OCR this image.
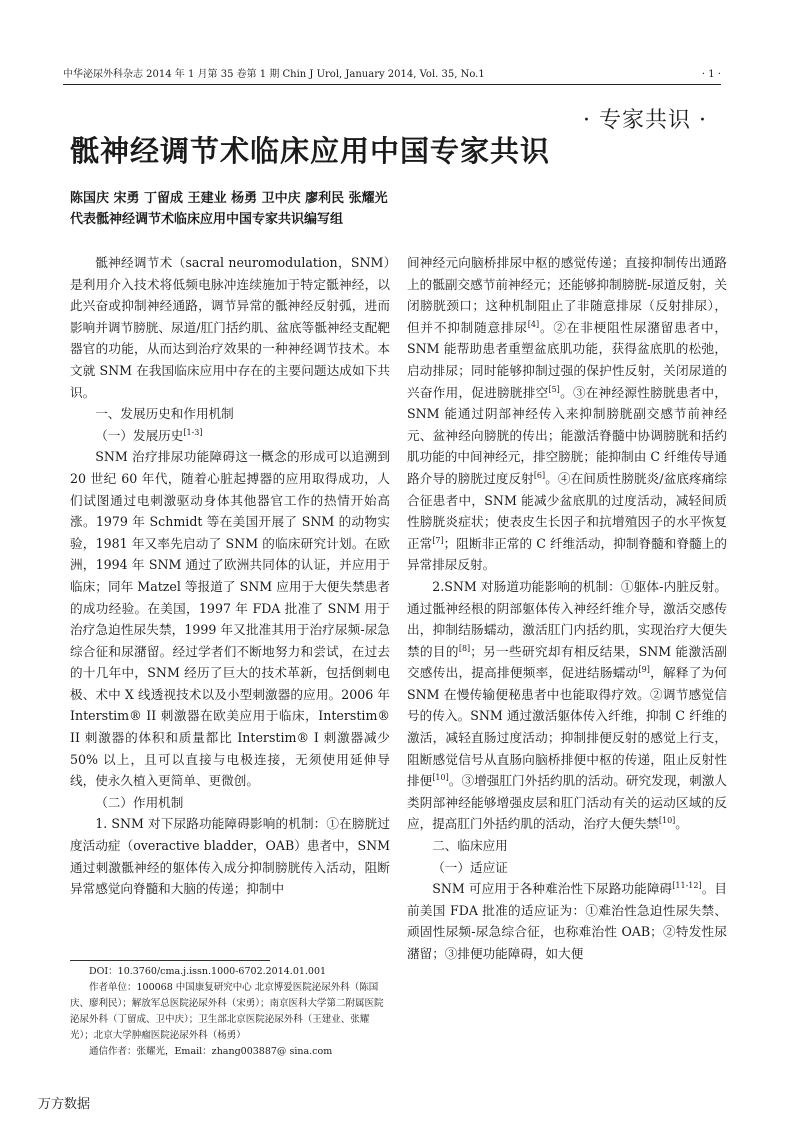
中华泌尿外科杂志 2014 年 1 月第 35 卷第 1 期 Chin J Urol, January 2014, Vol. 35, No.1	· 1 ·
· 专家共识 ·
骶神经调节术临床应用中国专家共识
陈国庆 宋勇 丁留成 王建业 杨勇 卫中庆 廖利民 张耀光
代表骶神经调节术临床应用中国专家共识编写组

骶神经调节术（sacral neuromodulation，SNM）是利用介入技术将低频电脉冲连续施加于特定骶神经，以此兴奋或抑制神经通路，调节异常的骶神经反射弧，进而影响并调节膀胱、尿道/肛门括约肌、盆底等骶神经支配靶器官的功能，从而达到治疗效果的一种神经调节技术。本文就 SNM 在我国临床应用中存在的主要问题达成如下共识。

一、发展历史和作用机制
（一）发展历史[1-3]

SNM 治疗排尿功能障碍这一概念的形成可以追溯到 20 世纪 60 年代，随着心脏起搏器的应用取得成功，人们试图通过电刺激驱动身体其他器官工作的热情开始高涨。1979 年 Schmidt 等在美国开展了 SNM 的动物实验，1981 年又率先启动了 SNM 的临床研究计划。在欧洲，1994 年 SNM 通过了欧洲共同体的认证，并应用于临床；同年 Matzel 等报道了 SNM 应用于大便失禁患者的成功经验。在美国，1997 年 FDA 批准了 SNM 用于治疗急迫性尿失禁，1999 年又批准其用于治疗尿频-尿急综合征和尿潴留。经过学者们不断地努力和尝试，在过去的十几年中，SNM 经历了巨大的技术革新，包括倒刺电极、术中 X 线透视技术以及小型刺激器的应用。2006 年 Interstim® II 刺激器在欧美应用于临床，Interstim® II 刺激器的体积和质量都比 Interstim® I 刺激器减少 50% 以上，且可以直接与电极连接，无须使用延伸导线，使永久植入更简单、更微创。

（二）作用机制

1. SNM 对下尿路功能障碍影响的机制：①在膀胱过度活动症（overactive bladder，OAB）患者中，SNM 通过刺激骶神经的躯体传入成分抑制膀胱传入活动，阻断异常感觉向脊髓和大脑的传递；抑制中

间神经元向脑桥排尿中枢的感觉传递；直接抑制传出通路上的骶副交感节前神经元；还能够抑制膀胱-尿道反射，关闭膀胱颈口；这种机制阻止了非随意排尿（反射排尿），但并不抑制随意排尿[4]。②在非梗阻性尿潴留患者中，SNM 能帮助患者重塑盆底肌功能，获得盆底肌的松弛，启动排尿；同时能够抑制过强的保护性反射，关闭尿道的兴奋作用，促进膀胱排空[5]。③在神经源性膀胱患者中，SNM 能通过阴部神经传入来抑制膀胱副交感节前神经元、盆神经向膀胱的传出；能激活脊髓中协调膀胱和括约肌功能的中间神经元，排空膀胱；能抑制由 C 纤维传导通路介导的膀胱过度反射[6]。④在间质性膀胱炎/盆底疼痛综合征患者中，SNM 能减少盆底肌的过度活动，减轻间质性膀胱炎症状；使表皮生长因子和抗增殖因子的水平恢复正常[7]；阻断非正常的 C 纤维活动，抑制脊髓和脊髓上的异常排尿反射。

2.SNM 对肠道功能影响的机制：①躯体-内脏反射。通过骶神经根的阴部躯体传入神经纤维介导，激活交感传出，抑制结肠蠕动，激活肛门内括约肌，实现治疗大便失禁的目的[8]；另一些研究却有相反结果，SNM 能激活副交感传出，提高排便频率，促进结肠蠕动[9]，解释了为何 SNM 在慢传输便秘患者中也能取得疗效。②调节感觉信号的传入。SNM 通过激活躯体传入纤维，抑制 C 纤维的激活，减轻直肠过度活动；抑制排便反射的感觉上行支，阻断感觉信号从直肠向脑桥排便中枢的传递，阻止反射性排便[10]。③增强肛门外括约肌的活动。研究发现，刺激人类阴部神经能够增强皮层和肛门活动有关的运动区域的反应，提高肛门外括约肌的活动，治疗大便失禁[10]。

二、临床应用
（一）适应证

SNM 可应用于各种难治性下尿路功能障碍[11-12]。目前美国 FDA 批准的适应证为：①难治性急迫性尿失禁、顽固性尿频-尿急综合征，也称难治性 OAB；②特发性尿潴留；③排便功能障碍，如大便

DOI：10.3760/cma.j.issn.1000-6702.2014.01.001

作者单位：100068 中国康复研究中心 北京博爱医院泌尿外科（陈国庆、廖利民）；解放军总医院泌尿外科（宋勇）；南京医科大学第二附属医院泌尿外科（丁留成、卫中庆）；卫生部北京医院泌尿外科（王建业、张耀光）；北京大学肿瘤医院泌尿外科（杨勇）

通信作者：张耀光，Email：zhang003887@ sina.com

万方数据
